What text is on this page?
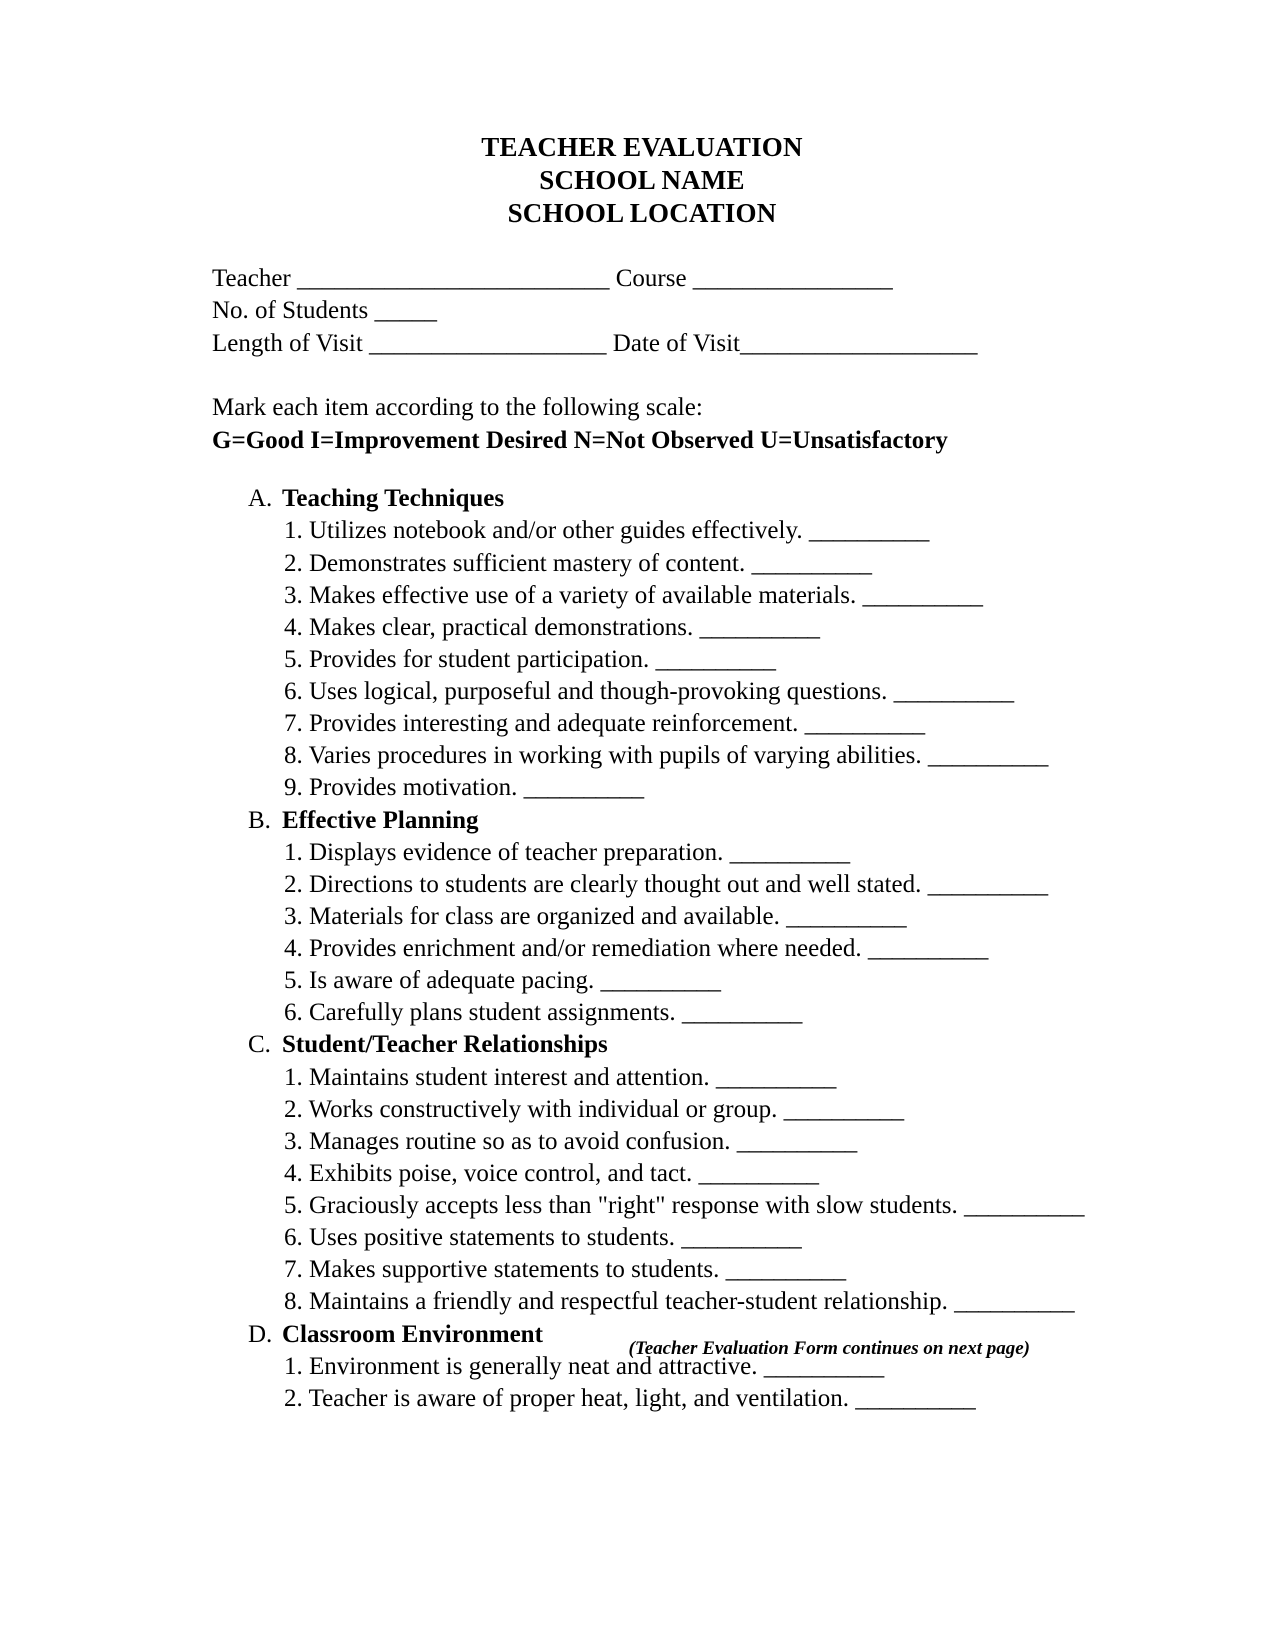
TEACHER EVALUATION
SCHOOL NAME
SCHOOL LOCATION
Teacher _________________________ Course ________________
No. of Students _____
Length of Visit ___________________ Date of Visit___________________
Mark each item according to the following scale:
G=Good I=Improvement Desired N=Not Observed U=Unsatisfactory
A. Teaching Techniques
1. Utilizes notebook and/or other guides effectively. __________
2. Demonstrates sufficient mastery of content. __________
3. Makes effective use of a variety of available materials. __________
4. Makes clear, practical demonstrations. __________
5. Provides for student participation. __________
6. Uses logical, purposeful and though-provoking questions. __________
7. Provides interesting and adequate reinforcement. __________
8. Varies procedures in working with pupils of varying abilities. __________
9. Provides motivation. __________
B. Effective Planning
1. Displays evidence of teacher preparation. __________
2. Directions to students are clearly thought out and well stated. __________
3. Materials for class are organized and available. __________
4. Provides enrichment and/or remediation where needed. __________
5. Is aware of adequate pacing. __________
6. Carefully plans student assignments. __________
C. Student/Teacher Relationships
1. Maintains student interest and attention. __________
2. Works constructively with individual or group. __________
3. Manages routine so as to avoid confusion. __________
4. Exhibits poise, voice control, and tact. __________
5. Graciously accepts less than "right" response with slow students. __________
6. Uses positive statements to students. __________
7. Makes supportive statements to students. __________
8. Maintains a friendly and respectful teacher-student relationship. __________
D. Classroom Environment
1. Environment is generally neat and attractive. __________
2. Teacher is aware of proper heat, light, and ventilation. __________
(Teacher Evaluation Form continues on next page)
